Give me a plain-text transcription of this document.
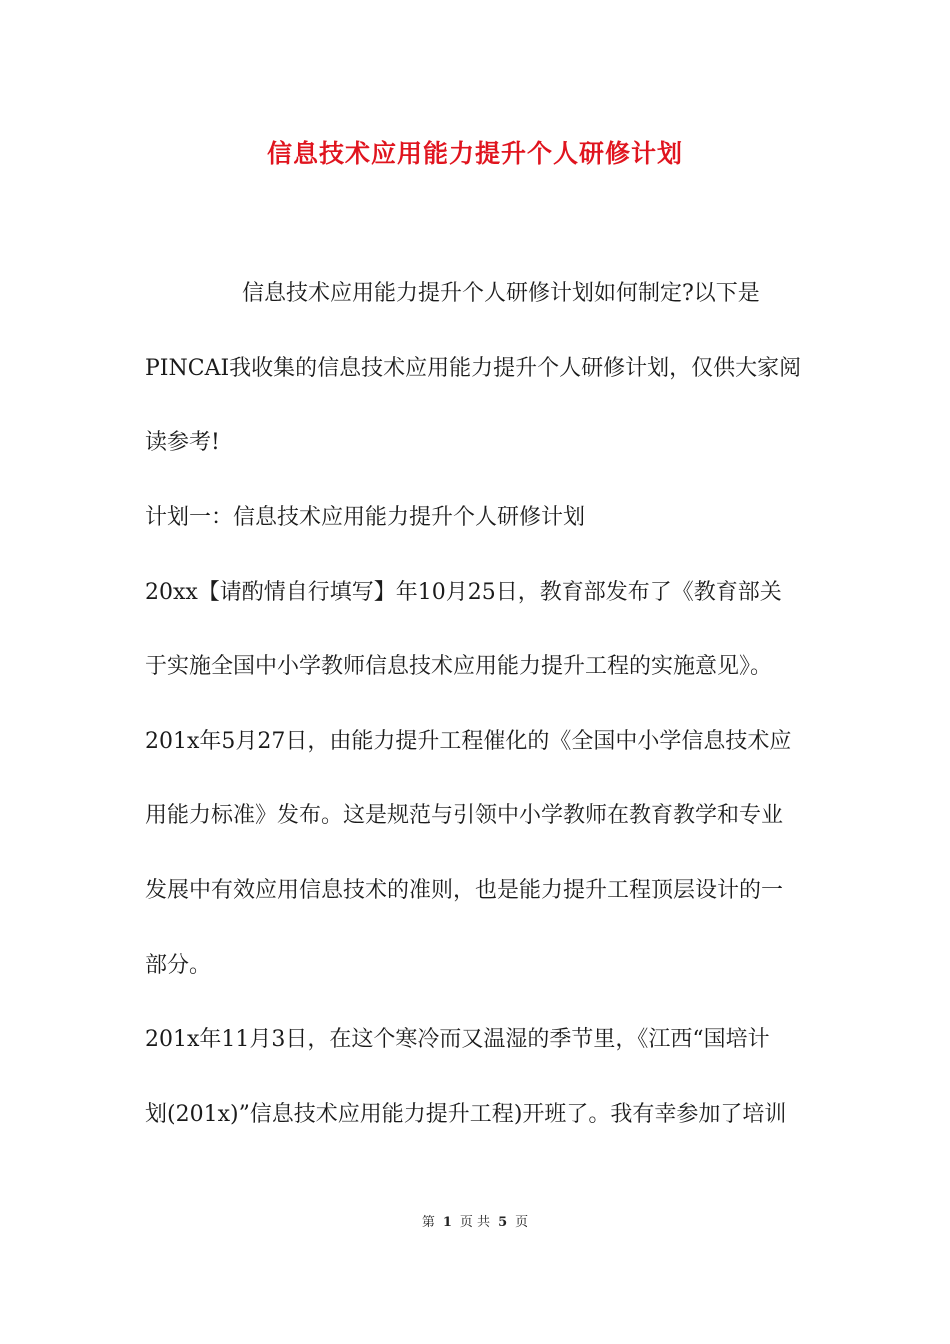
信息技术应用能力提升个人研修计划
信息技术应用能力提升个人研修计划如何制定?以下是
PINCAI我收集的信息技术应用能力提升个人研修计划，仅供大家阅
读参考!
计划一：信息技术应用能力提升个人研修计划
20xx【请酌情自行填写】年10月25日，教育部发布了《教育部关
于实施全国中小学教师信息技术应用能力提升工程的实施意见》。
201x年5月27日，由能力提升工程催化的《全国中小学信息技术应
用能力标准》发布。这是规范与引领中小学教师在教育教学和专业
发展中有效应用信息技术的准则，也是能力提升工程顶层设计的一
部分。
201x年11月3日，在这个寒冷而又温湿的季节里，《江西“国培计
划(201x)”信息技术应用能力提升工程)开班了。我有幸参加了培训
第 1 页 共 5 页
